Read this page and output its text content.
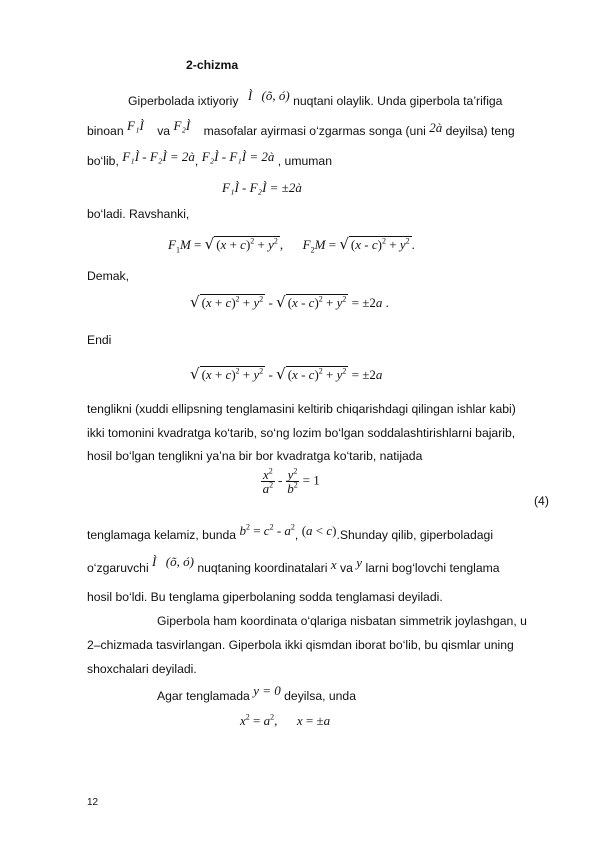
2-chizma
Giperbolada ixtiyoriy Ì (õ, ó) nuqtani olaylik. Unda giperbola ta’rifiga
binoan F₁Ì va F₂Ì masofalar ayirmasi o‘zgarmas songa (uni 2à deyilsa) teng
bo‘lib, F₁Ì - F₂Ì = 2à, F₂Ì - F₁Ì = 2à , umuman
F₁Ì - F₂Ì = ±2à
bo‘ladi. Ravshanki,
$F_1M$ = √ $(x + c)^2 + y^2$ ,      $F_2M$ = √ $(x - c)^2 + y^2$ .
Demak,
√ $(x + c)^2 + y^2$ - √ $(x - c)^2 + y^2 = \pm 2a$ .
Endi
√ $(x + c)^2 + y^2$ - √ $(x - c)^2 + y^2 = \pm 2a$
tenglikni (xuddi ellipsning tenglamasini keltirib chiqarishdagi qilingan ishlar kabi)
ikki tomonini kvadratga ko‘tarib, so‘ng lozim bo‘lgan soddalashtirishlarni bajarib,
hosil bo‘lgan tenglikni ya’na bir bor kvadratga ko‘tarib, natijada
$\frac{x^2}{a^2} - \frac{y^2}{b^2} = 1$
(4)
tenglamaga kelamiz, bunda $b^2 = c^2 - a^2$, (a < c).Shunday qilib, giperboladagi
o‘zgaruvchi Ì (õ, ó) nuqtaning koordinatalari x va y larni bog‘lovchi tenglama
hosil bo‘ldi. Bu tenglama giperbolaning sodda tenglamasi deyiladi.
Giperbola ham koordinata o‘qlariga nisbatan simmetrik joylashgan, u
2–chizmada tasvirlangan. Giperbola ikki qismdan iborat bo‘lib, bu qismlar uning
shoxchalari deyiladi.
Agar tenglamada y = 0 deyilsa, unda
$x^2 = a^2$,      x = ±a
12
